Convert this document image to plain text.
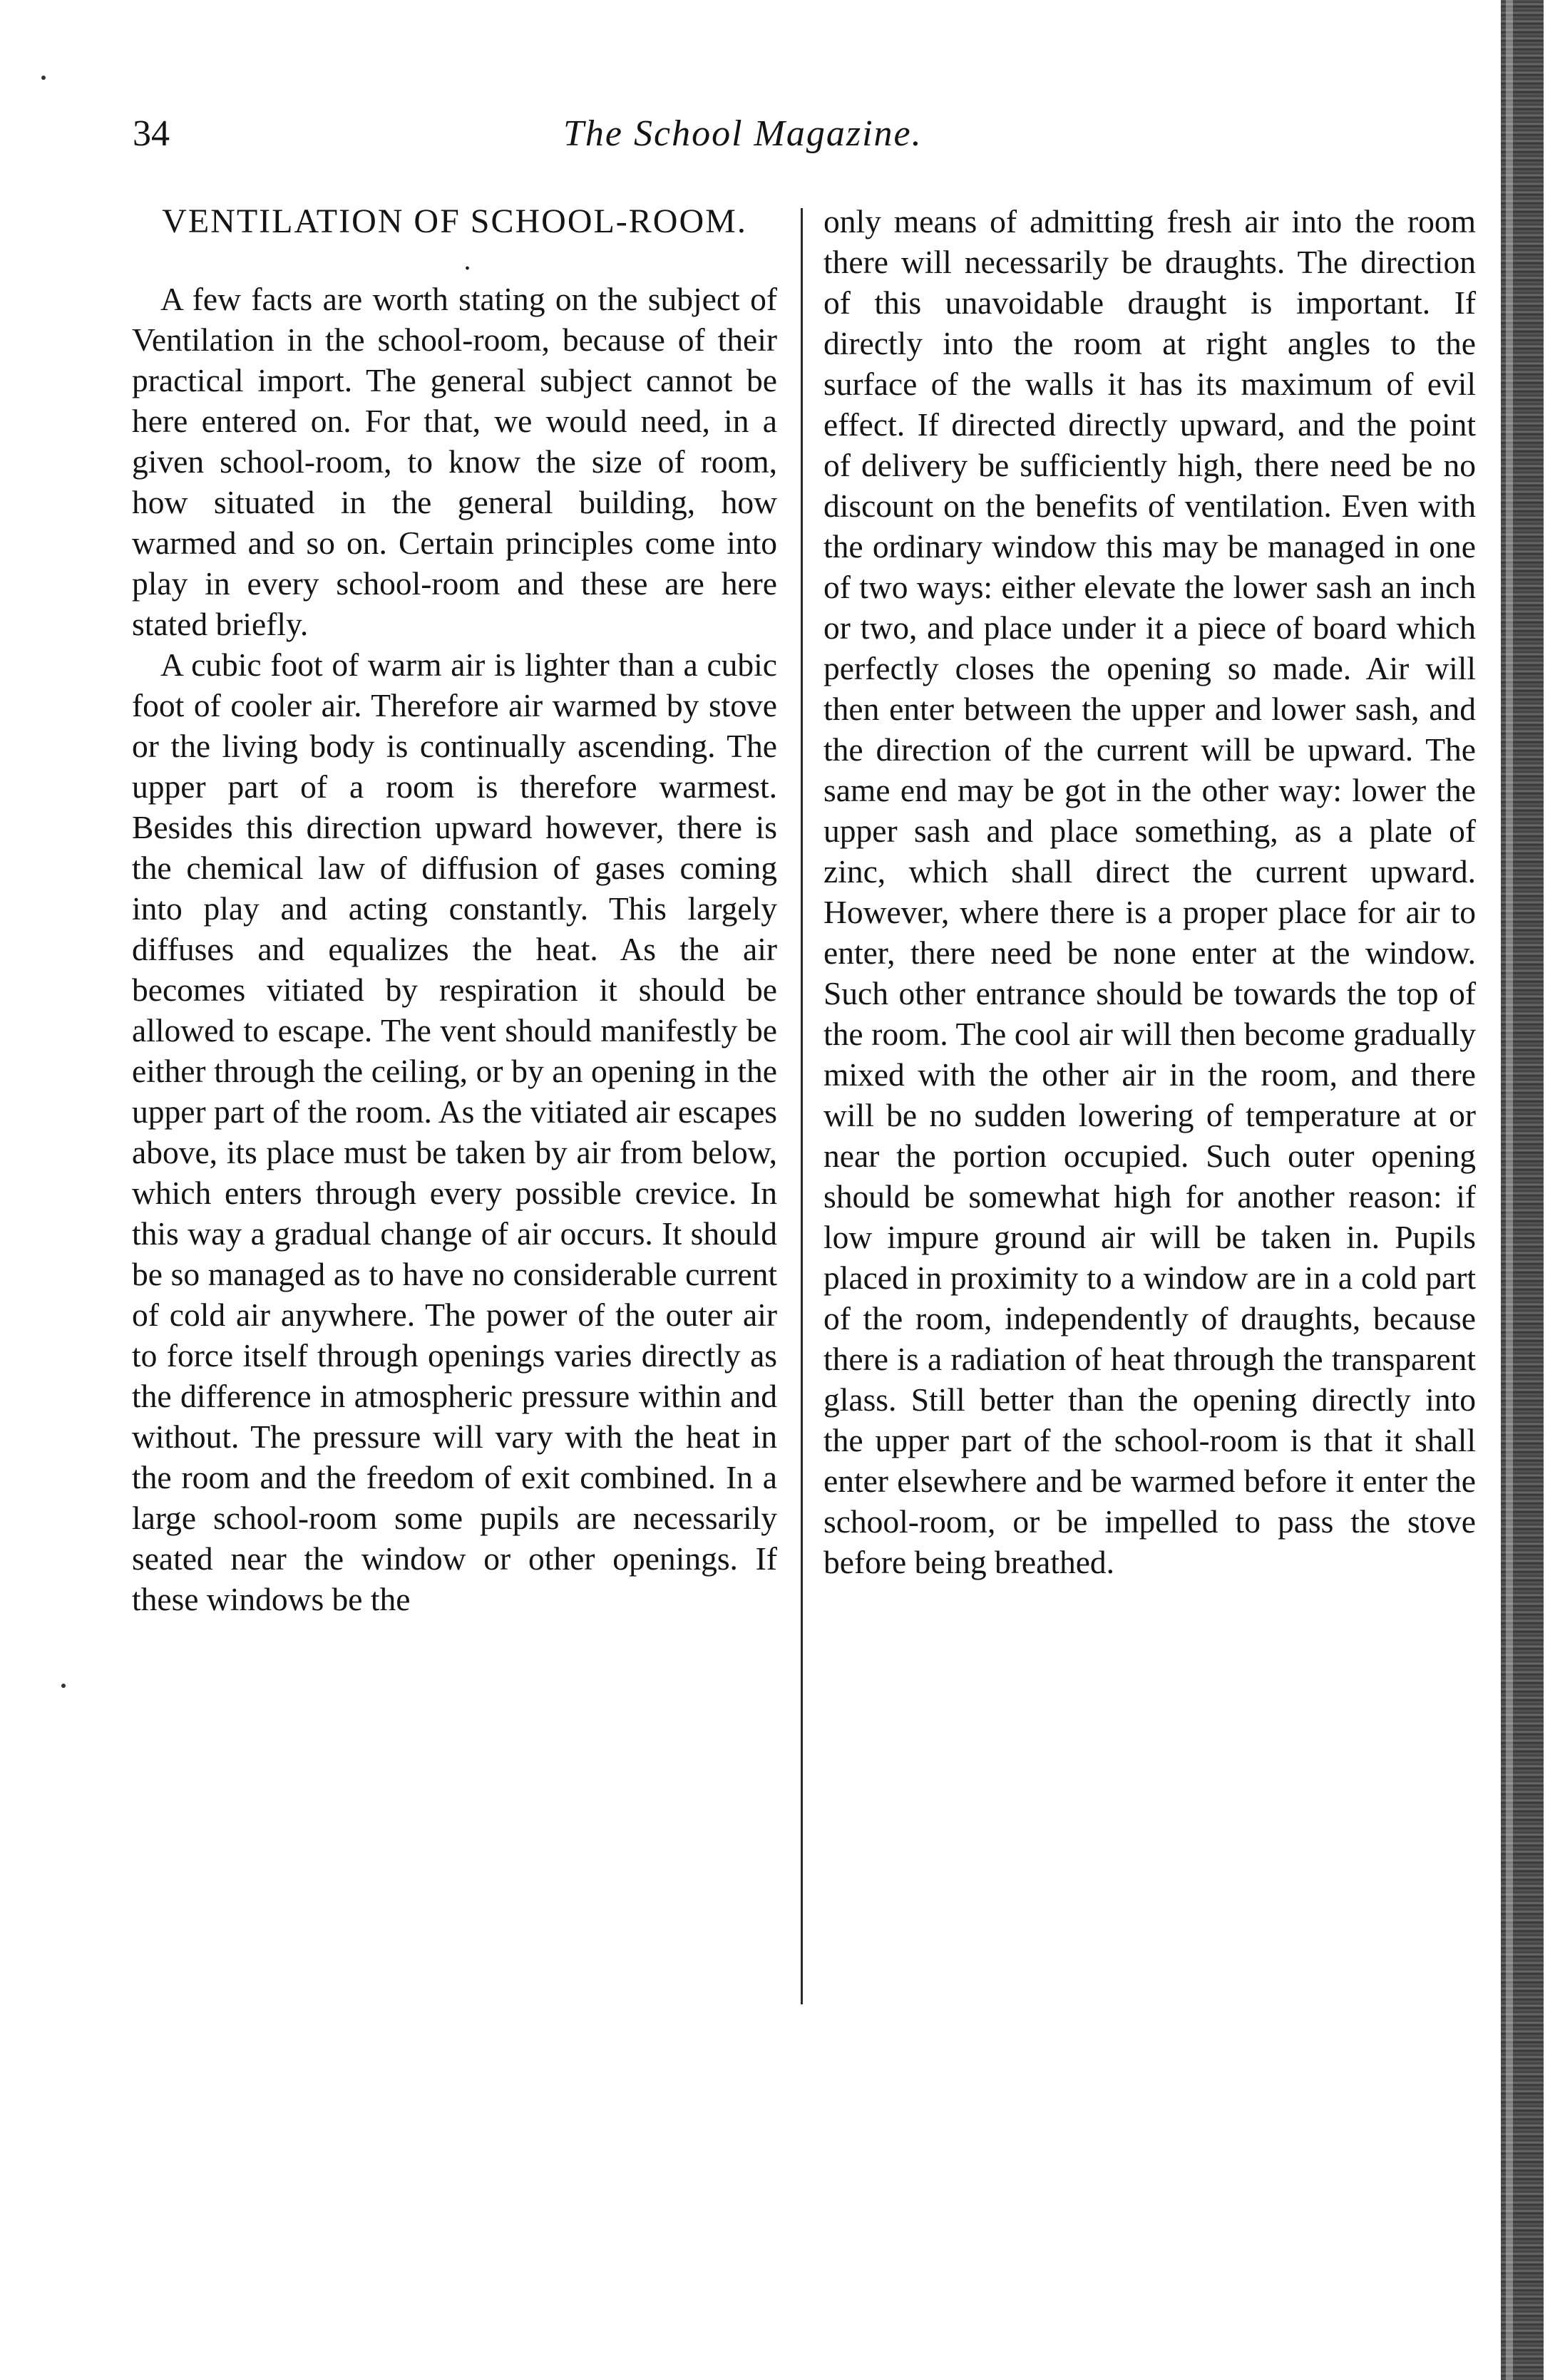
34	The School Magazine.
VENTILATION OF SCHOOL-ROOM.
.

A few facts are worth stating on the subject of Ventilation in the school-room, because of their practical import. The general subject cannot be here entered on. For that, we would need, in a given school-room, to know the size of room, how situated in the general building, how warmed and so on. Certain principles come into play in every school-room and these are here stated briefly.

A cubic foot of warm air is lighter than a cubic foot of cooler air. Therefore air warmed by stove or the living body is continually ascending. The upper part of a room is therefore warmest. Besides this direction upward however, there is the chemical law of diffusion of gases coming into play and acting constantly. This largely diffuses and equalizes the heat. As the air becomes vitiated by respiration it should be allowed to escape. The vent should manifestly be either through the ceiling, or by an opening in the upper part of the room. As the vitiated air escapes above, its place must be taken by air from below, which enters through every possible crevice. In this way a gradual change of air occurs. It should be so managed as to have no considerable current of cold air anywhere. The power of the outer air to force itself through openings varies directly as the difference in atmospheric pressure within and without. The pressure will vary with the heat in the room and the freedom of exit combined. In a large school-room some pupils are necessarily seated near the window or other openings. If these windows be the

only means of admitting fresh air into the room there will necessarily be draughts. The direction of this unavoidable draught is important. If directly into the room at right angles to the surface of the walls it has its maximum of evil effect. If directed directly upward, and the point of delivery be sufficiently high, there need be no discount on the benefits of ventilation. Even with the ordinary window this may be managed in one of two ways: either elevate the lower sash an inch or two, and place under it a piece of board which perfectly closes the opening so made. Air will then enter between the upper and lower sash, and the direction of the current will be upward. The same end may be got in the other way: lower the upper sash and place something, as a plate of zinc, which shall direct the current upward. However, where there is a proper place for air to enter, there need be none enter at the window. Such other entrance should be towards the top of the room. The cool air will then become gradually mixed with the other air in the room, and there will be no sudden lowering of temperature at or near the portion occupied. Such outer opening should be somewhat high for another reason: if low impure ground air will be taken in. Pupils placed in proximity to a window are in a cold part of the room, independently of draughts, because there is a radiation of heat through the transparent glass. Still better than the opening directly into the upper part of the school-room is that it shall enter elsewhere and be warmed before it enter the school-room, or be impelled to pass the stove before being breathed.
